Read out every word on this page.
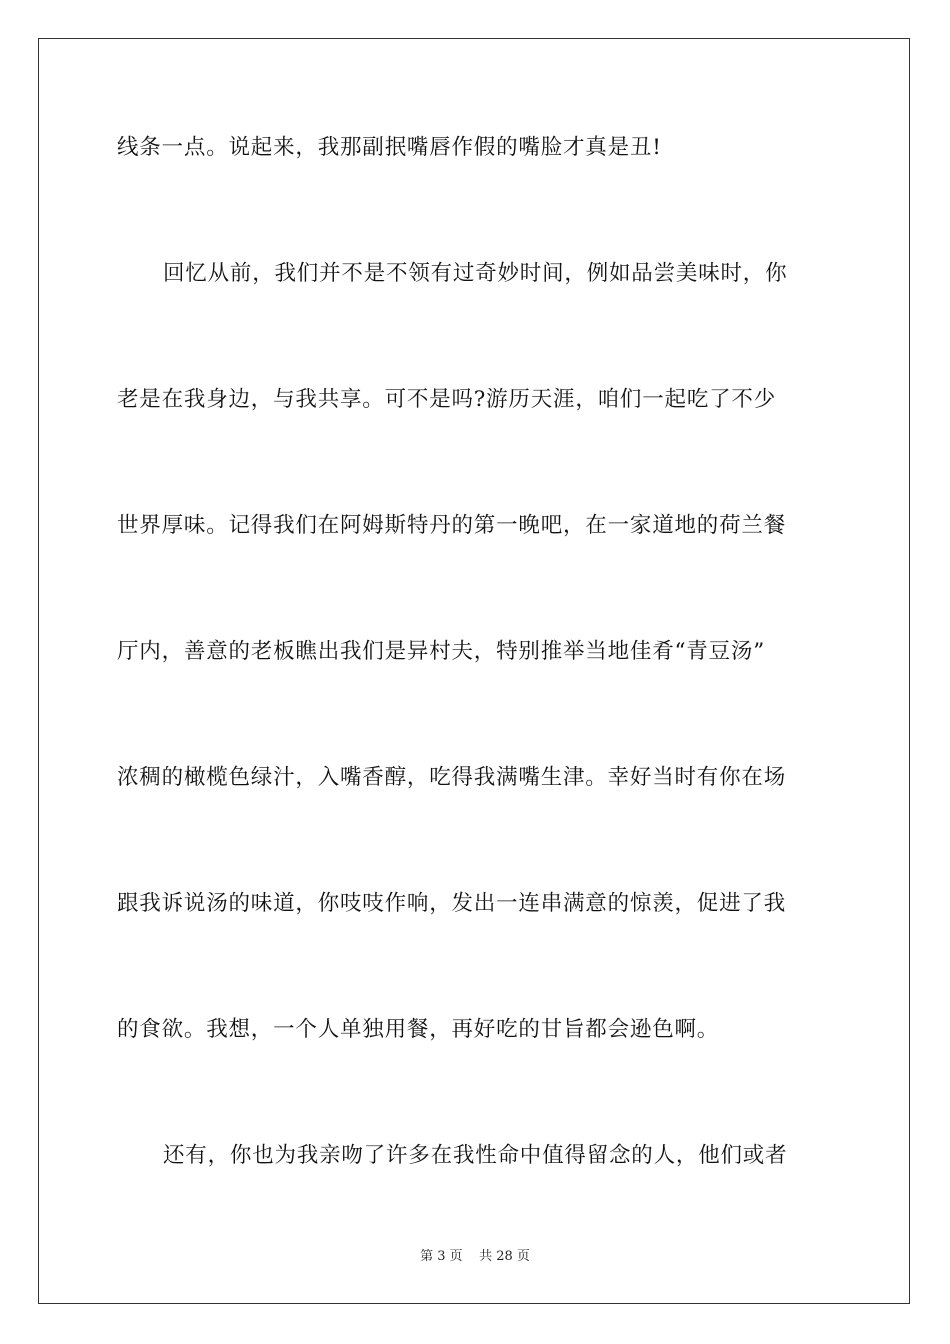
线条一点。说起来，我那副抿嘴唇作假的嘴脸才真是丑!
回忆从前，我们并不是不领有过奇妙时间，例如品尝美味时，你
老是在我身边，与我共享。可不是吗?游历天涯，咱们一起吃了不少
世界厚味。记得我们在阿姆斯特丹的第一晚吧，在一家道地的荷兰餐
厅内，善意的老板瞧出我们是异村夫，特别推举当地佳肴“青豆汤”
浓稠的橄榄色绿汁，入嘴香醇，吃得我满嘴生津。幸好当时有你在场
跟我诉说汤的味道，你吱吱作响，发出一连串满意的惊羡，促进了我
的食欲。我想，一个人单独用餐，再好吃的甘旨都会逊色啊。
还有，你也为我亲吻了许多在我性命中值得留念的人，他们或者
第 3 页    共 28 页
